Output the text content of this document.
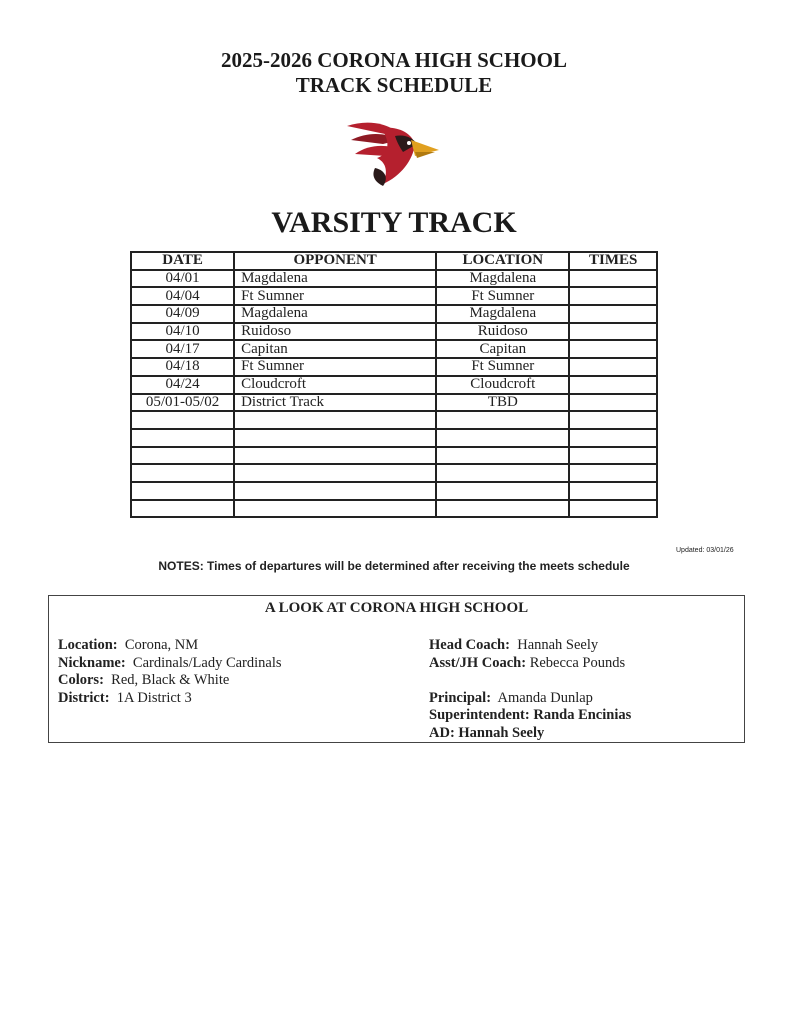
2025-2026 CORONA HIGH SCHOOL
TRACK SCHEDULE
VARSITY TRACK
DATE	OPPONENT	LOCATION	TIMES
04/01	Magdalena	Magdalena	
04/04	Ft Sumner	Ft Sumner	
04/09	Magdalena	Magdalena	
04/10	Ruidoso	Ruidoso	
04/17	Capitan	Capitan	
04/18	Ft Sumner	Ft Sumner	
04/24	Cloudcroft	Cloudcroft	
05/01-05/02	District Track	TBD	

Updated: 03/01/26
NOTES: Times of departures will be determined after receiving the meets schedule
A LOOK AT CORONA HIGH SCHOOL
Location: Corona, NM
Nickname: Cardinals/Lady Cardinals
Colors: Red, Black & White
District: 1A District 3
Head Coach: Hannah Seely
Asst/JH Coach: Rebecca Pounds
Principal: Amanda Dunlap
Superintendent: Randa Encinias
AD: Hannah Seely
